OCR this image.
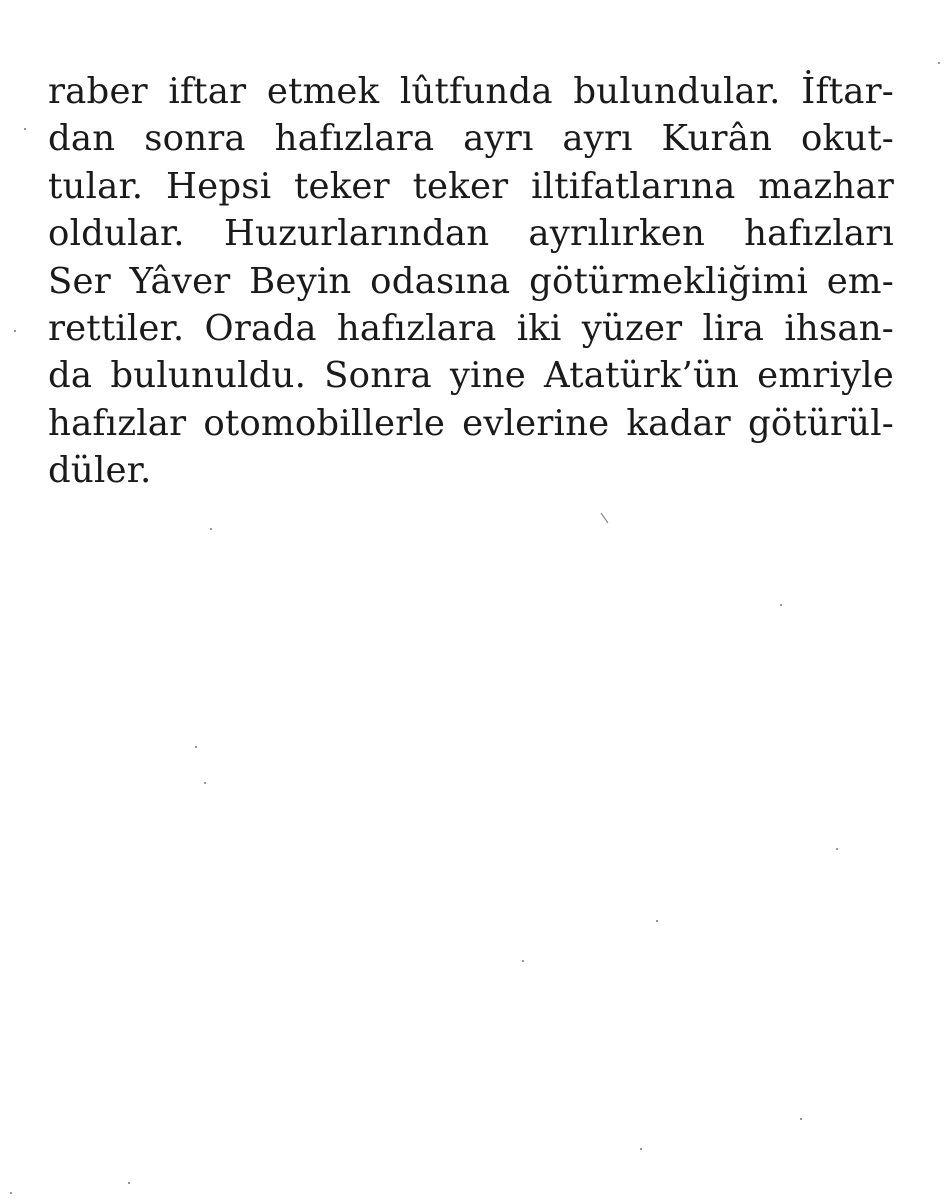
raber iftar etmek lûtfunda bulundular. İftar-
dan sonra hafızlara ayrı ayrı Kurân okut-
tular. Hepsi teker teker iltifatlarına mazhar
oldular. Huzurlarından ayrılırken hafızları
Ser Yâver Beyin odasına götürmekliğimi em-
rettiler. Orada hafızlara iki yüzer lira ihsan-
da bulunuldu. Sonra yine Atatürk’ün emriyle
hafızlar otomobillerle evlerine kadar götürül-
düler.
